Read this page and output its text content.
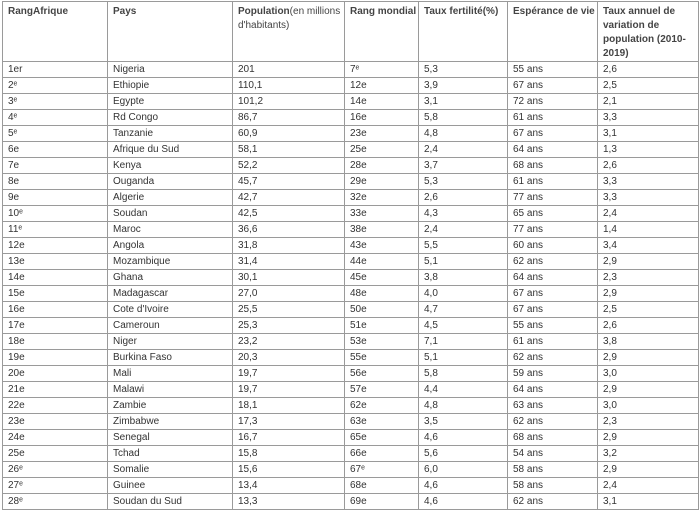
RangAfrique	Pays	Population(en millions d'habitants)	Rang mondial	Taux fertilité(%)	Espérance de vie	Taux annuel de variation de population (2010-2019)
1er	Nigeria	201	7ᵉ	5,3	55 ans	2,6
2ᵉ	Ethiopie	110,1	12e	3,9	67 ans	2,5
3ᵉ	Egypte	101,2	14e	3,1	72 ans	2,1
4ᵉ	Rd Congo	86,7	16e	5,8	61 ans	3,3
5ᵉ	Tanzanie	60,9	23e	4,8	67 ans	3,1
6e	Afrique du Sud	58,1	25e	2,4	64 ans	1,3
7e	Kenya	52,2	28e	3,7	68 ans	2,6
8e	Ouganda	45,7	29e	5,3	61 ans	3,3
9e	Algerie	42,7	32e	2,6	77 ans	3,3
10ᵉ	Soudan	42,5	33e	4,3	65 ans	2,4
11ᵉ	Maroc	36,6	38e	2,4	77 ans	1,4
12e	Angola	31,8	43e	5,5	60 ans	3,4
13e	Mozambique	31,4	44e	5,1	62 ans	2,9
14e	Ghana	30,1	45e	3,8	64 ans	2,3
15e	Madagascar	27,0	48e	4,0	67 ans	2,9
16e	Cote d'Ivoire	25,5	50e	4,7	67 ans	2,5
17e	Cameroun	25,3	51e	4,5	55 ans	2,6
18e	Niger	23,2	53e	7,1	61 ans	3,8
19e	Burkina Faso	20,3	55e	5,1	62 ans	2,9
20e	Mali	19,7	56e	5,8	59 ans	3,0
21e	Malawi	19,7	57e	4,4	64 ans	2,9
22e	Zambie	18,1	62e	4,8	63 ans	3,0
23e	Zimbabwe	17,3	63e	3,5	62 ans	2,3
24e	Senegal	16,7	65e	4,6	68 ans	2,9
25e	Tchad	15,8	66e	5,6	54 ans	3,2
26ᵉ	Somalie	15,6	67ᵉ	6,0	58 ans	2,9
27ᵉ	Guinee	13,4	68e	4,6	58 ans	2,4
28ᵉ	Soudan du Sud	13,3	69e	4,6	62 ans	3,1
